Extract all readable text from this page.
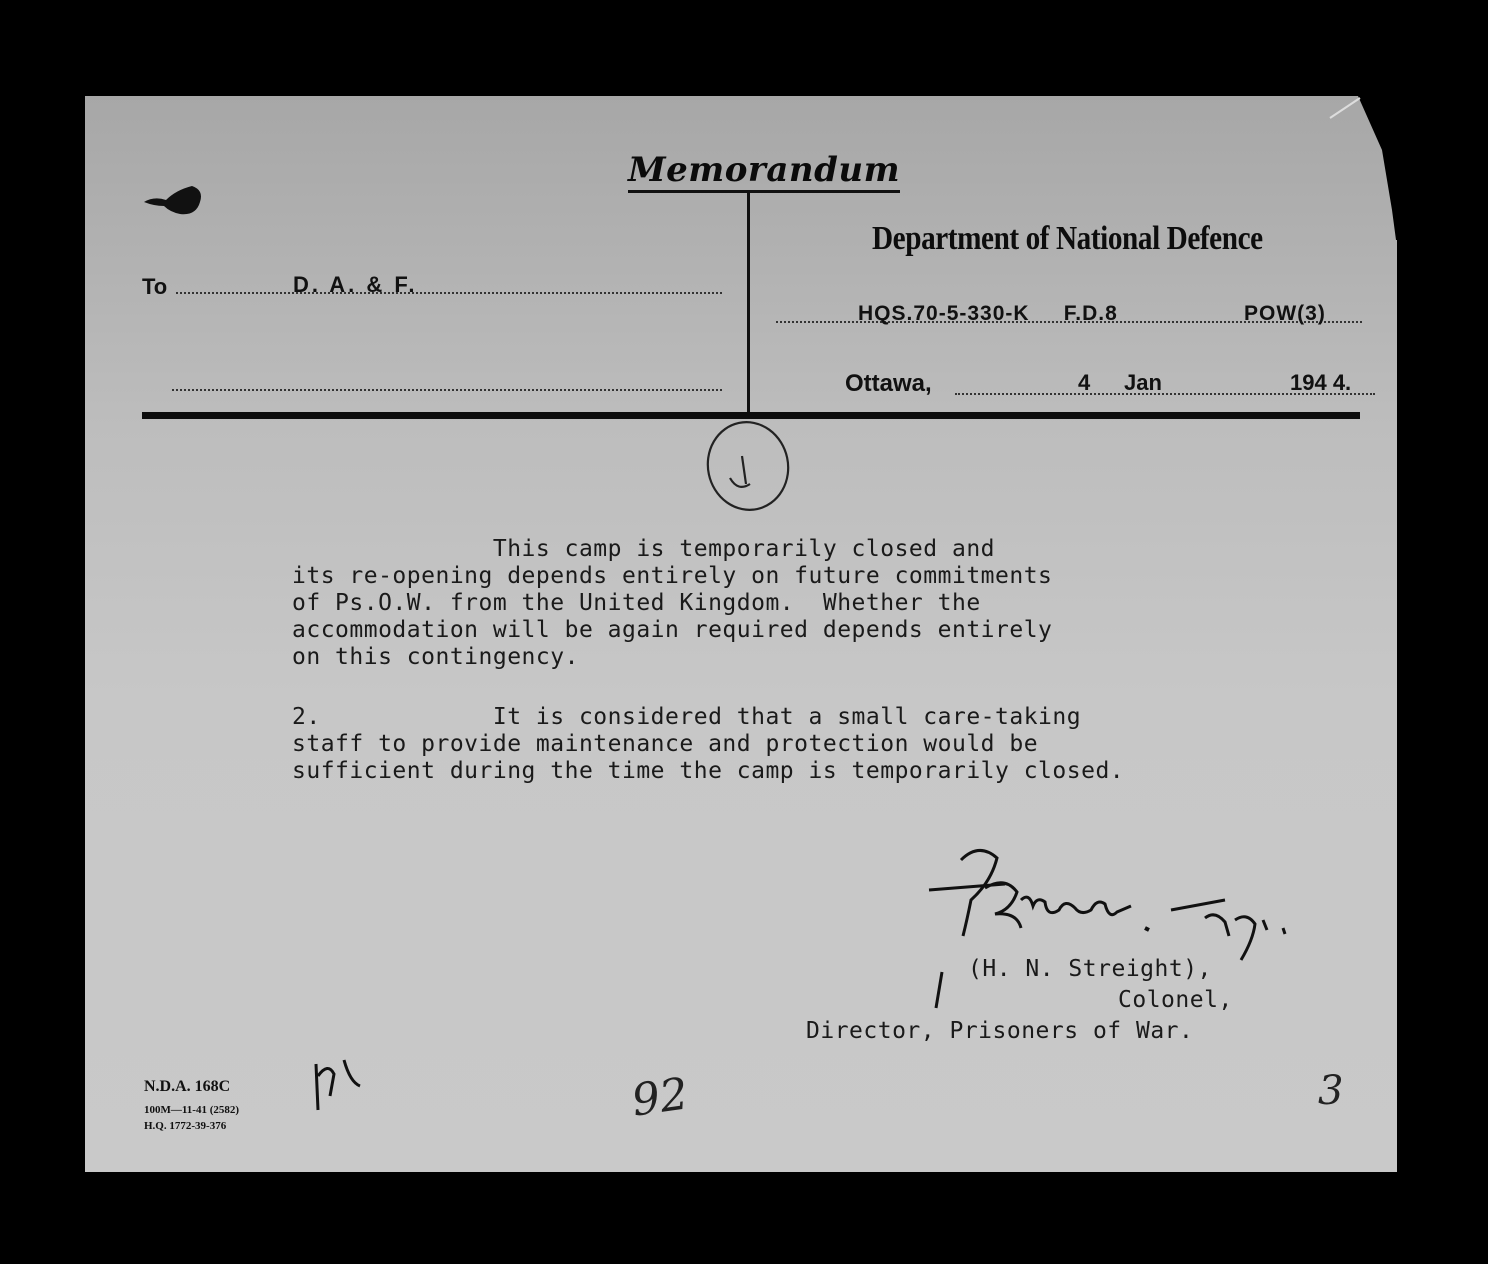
Memorandum
Department of National Defence
To	D. A. & F.
HQS.70-5-330-K F.D.8	POW(3)
Ottawa,	4 Jan	194 4.
This camp is temporarily closed and
its re-opening depends entirely on future commitments
of Ps.O.W. from the United Kingdom.  Whether the
accommodation will be again required depends entirely
on this contingency.
2.            It is considered that a small care-taking
staff to provide maintenance and protection would be
sufficient during the time the camp is temporarily closed.
(H. N. Streight),
Colonel,
Director, Prisoners of War.
N.D.A. 168C
100M—11-41 (2582)
H.Q. 1772-39-376	92	3
